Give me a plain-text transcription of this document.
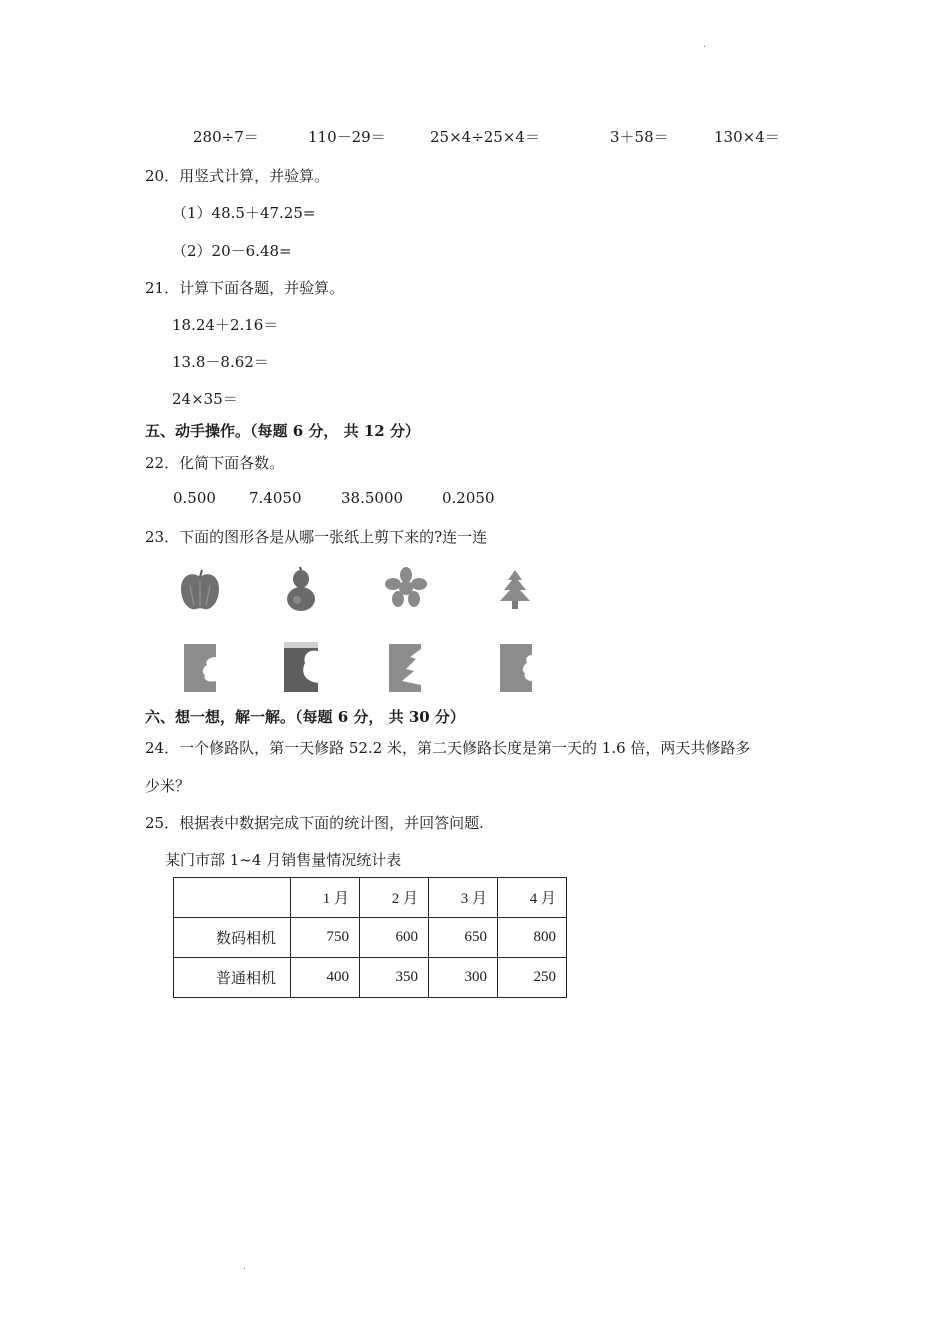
.
.
280÷7＝	110－29＝	25×4÷25×4＝	3＋58＝	130×4＝
20．用竖式计算，并验算。
（1）48.5＋47.25=
（2）20－6.48=
21．计算下面各题，并验算。
18.24＋2.16＝
13.8－8.62＝
24×35＝
五、动手操作。（每题 6 分， 共 12 分）
22．化简下面各数。
0.500 7.4050	38.5000	0.2050
23．下面的图形各是从哪一张纸上剪下来的?连一连
六、想一想，解一解。（每题 6 分， 共 30 分）
24．一个修路队，第一天修路 52.2 米，第二天修路长度是第一天的 1.6 倍，两天共修路多
少米？
25．根据表中数据完成下面的统计图，并回答问题.
某门市部 1~4 月销售量情况统计表
	1 月	2 月	3 月	4 月
数码相机	750	600	650	800
普通相机	400	350	300	250
